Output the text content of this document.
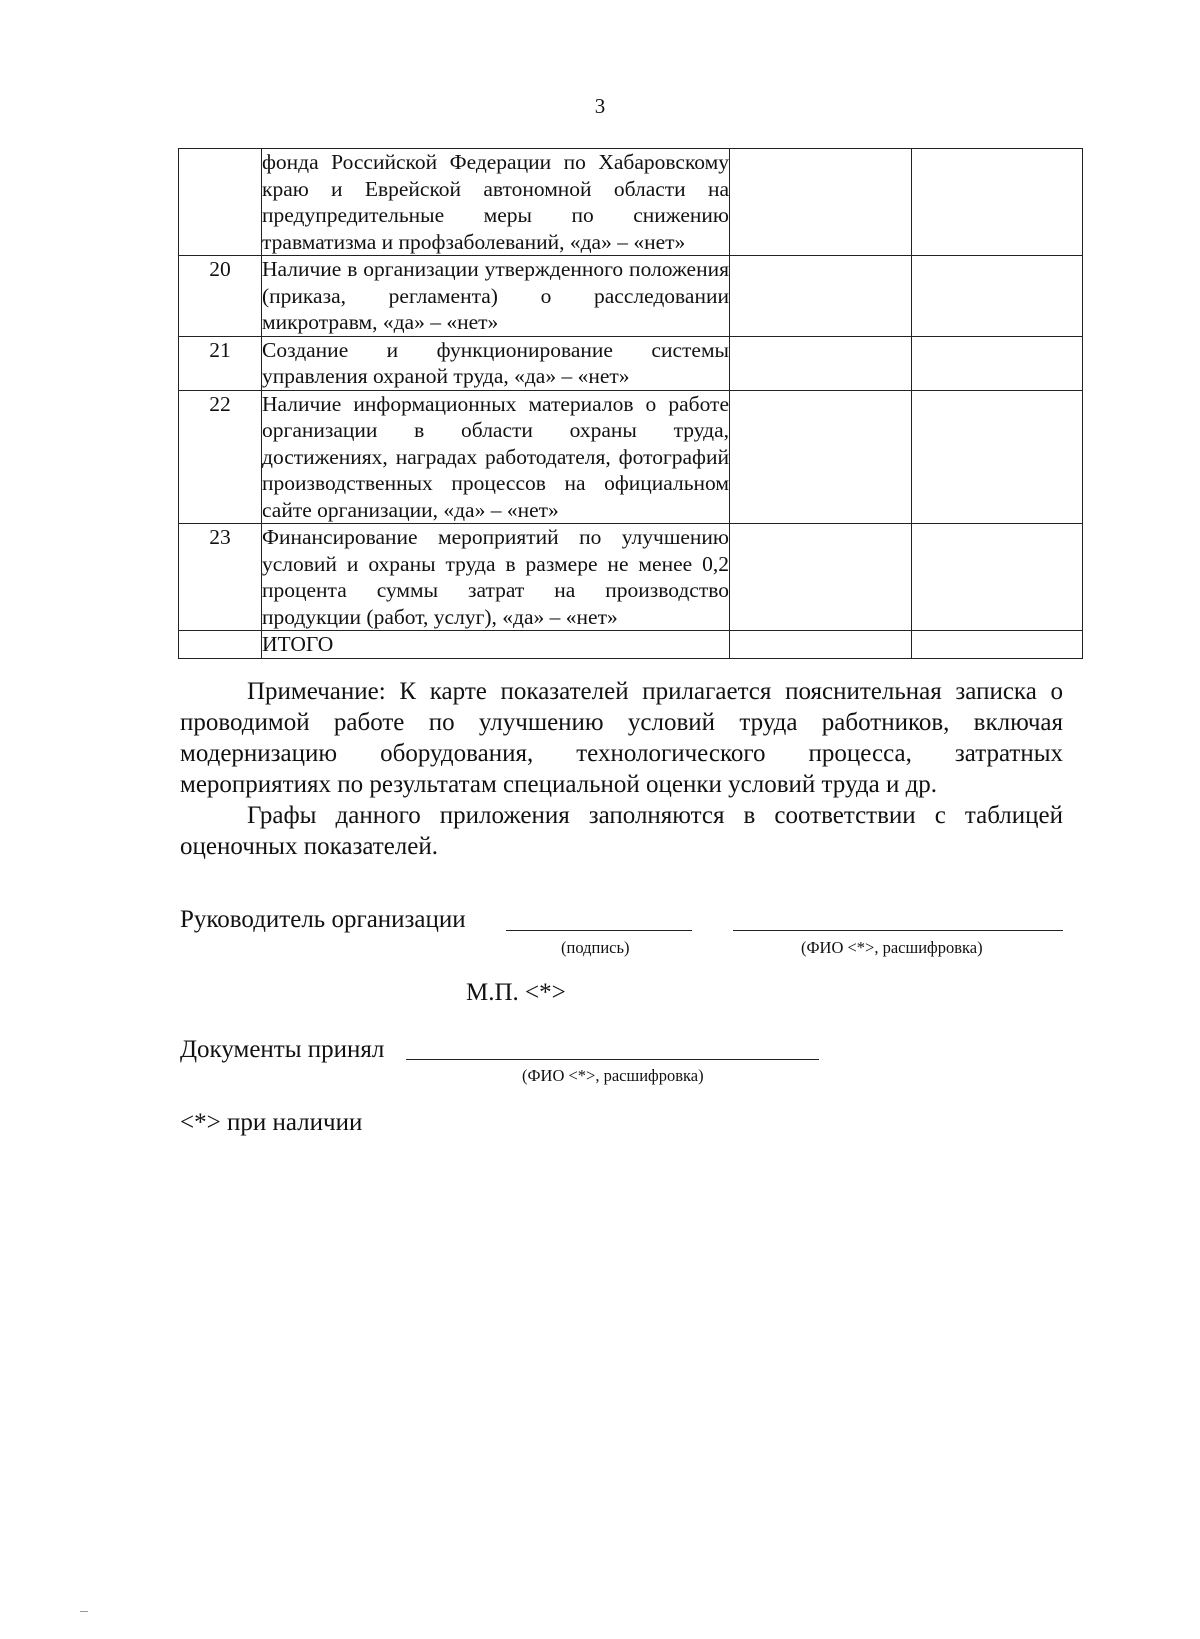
3
	фонда Российской Федерации по Хабаровскому краю и Еврейской автономной области на предупредительные меры по снижению травматизма и профзаболеваний, «да» – «нет»		
20	Наличие в организации утвержденного положения (приказа, регламента) о расследовании микротравм, «да» – «нет»		
21	Создание и функционирование системы управления охраной труда, «да» – «нет»		
22	Наличие информационных материалов о работе организации в области охраны труда, достижениях, наградах работодателя, фотографий производственных процессов на официальном сайте организации, «да» – «нет»		
23	Финансирование мероприятий по улучшению условий и охраны труда в размере не менее 0,2 процента суммы затрат на производство продукции (работ, услуг), «да» – «нет»		
	ИТОГО		

Примечание: К карте показателей прилагается пояснительная записка о проводимой работе по улучшению условий труда работников, включая модернизацию оборудования, технологического процесса, затратных мероприятиях по результатам специальной оценки условий труда и др.

Графы данного приложения заполняются в соответствии с таблицей оценочных показателей.

Руководитель организации
(подпись)	(ФИО <*>, расшифровка)
М.П. <*>
Документы принял
(ФИО <*>, расшифровка)
<*> при наличии
